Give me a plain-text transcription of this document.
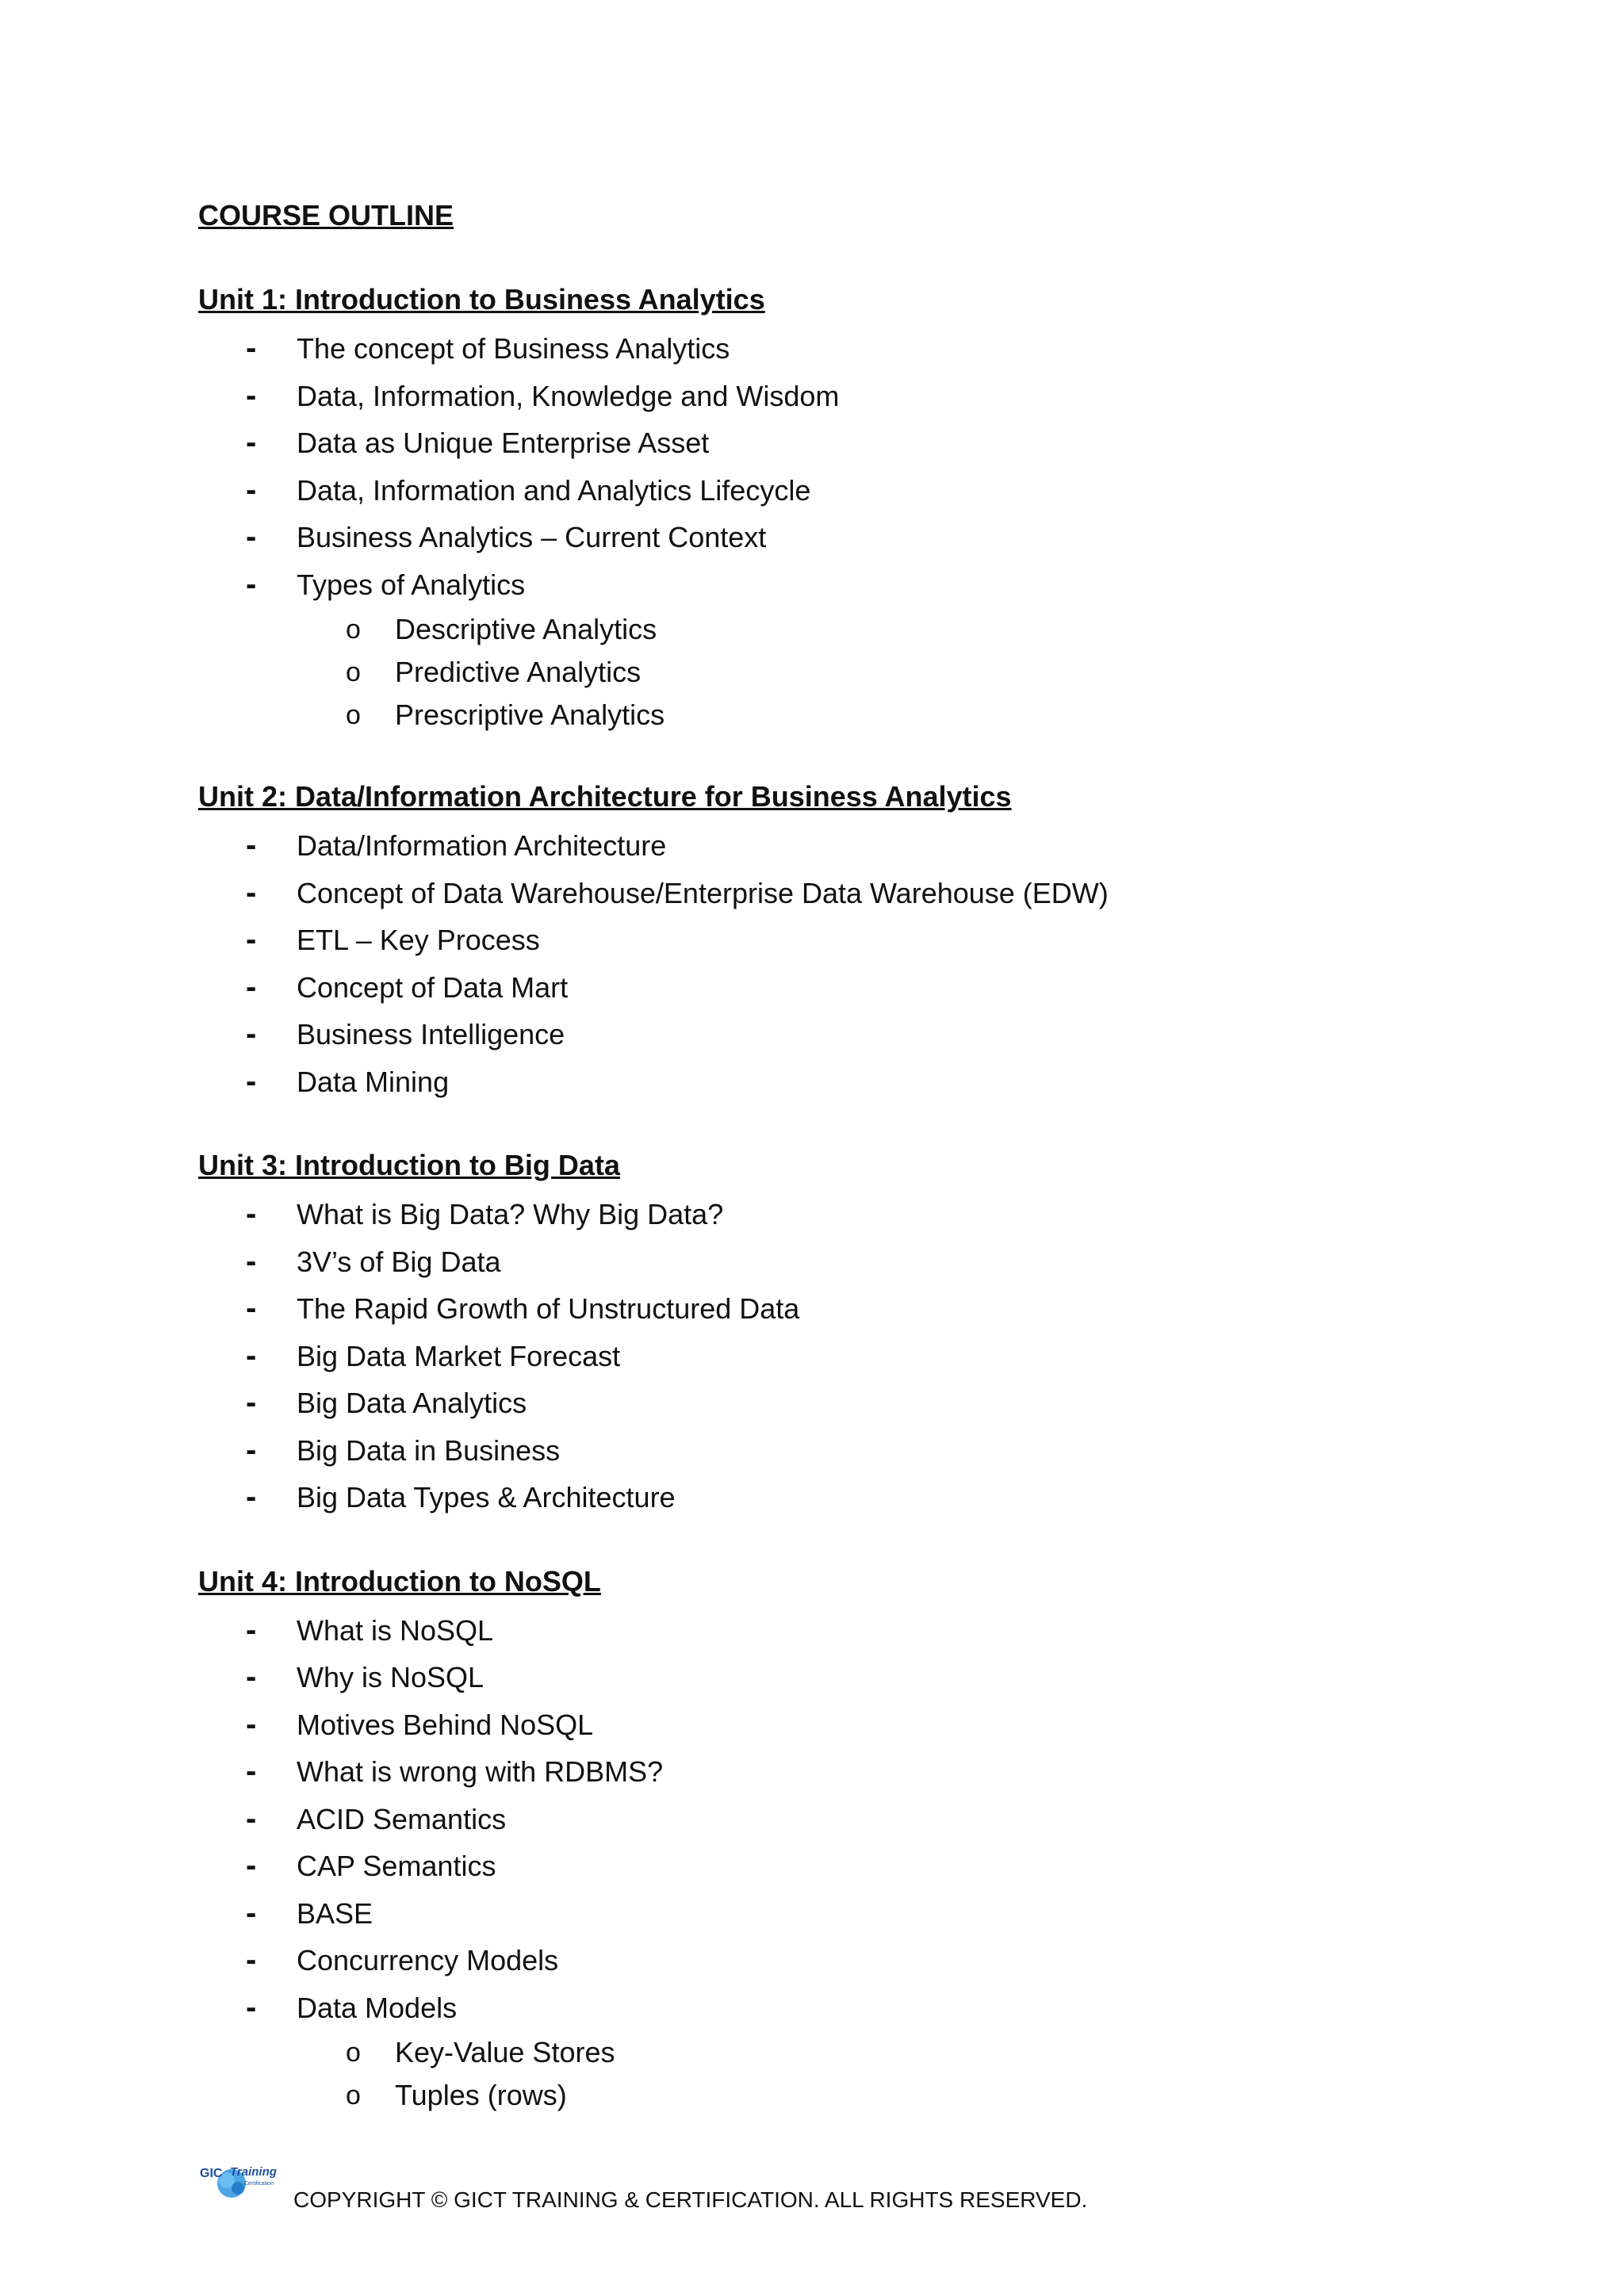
COURSE OUTLINE
Unit 1: Introduction to Business Analytics
- The concept of Business Analytics
- Data, Information, Knowledge and Wisdom
- Data as Unique Enterprise Asset
- Data, Information and Analytics Lifecycle
- Business Analytics – Current Context
- Types of Analytics
o Descriptive Analytics
o Predictive Analytics
o Prescriptive Analytics
Unit 2: Data/Information Architecture for Business Analytics
- Data/Information Architecture
- Concept of Data Warehouse/Enterprise Data Warehouse (EDW)
- ETL – Key Process
- Concept of Data Mart
- Business Intelligence
- Data Mining
Unit 3: Introduction to Big Data
- What is Big Data? Why Big Data?
- 3V’s of Big Data
- The Rapid Growth of Unstructured Data
- Big Data Market Forecast
- Big Data Analytics
- Big Data in Business
- Big Data Types & Architecture
Unit 4: Introduction to NoSQL
- What is NoSQL
- Why is NoSQL
- Motives Behind NoSQL
- What is wrong with RDBMS?
- ACID Semantics
- CAP Semantics
- BASE
- Concurrency Models
- Data Models
o Key-Value Stores
o Tuples (rows)
GIC Training
Certification
COPYRIGHT © GICT TRAINING & CERTIFICATION. ALL RIGHTS RESERVED.
